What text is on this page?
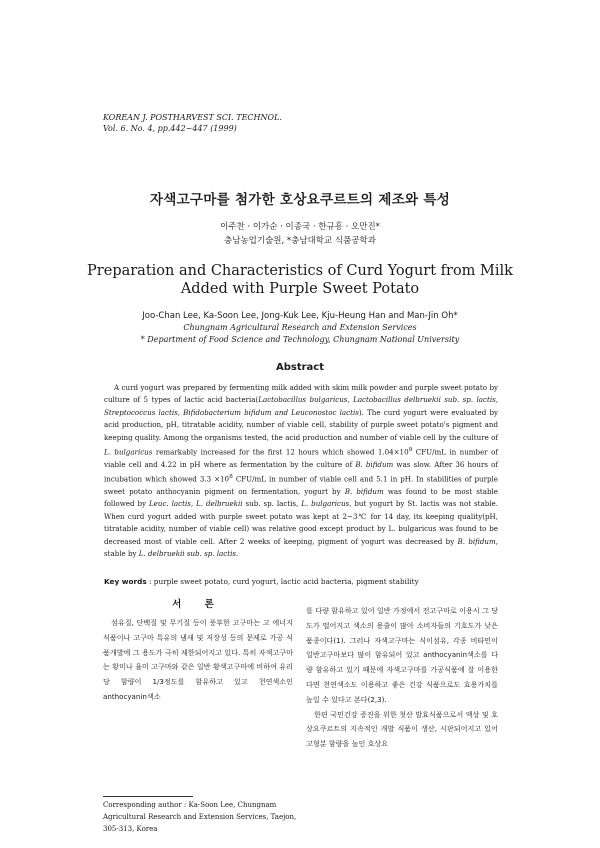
KOREAN J. POSTHARVEST SCI. TECHNOL.
Vol. 6. No. 4, pp.442~447 (1999)
자색고구마를 첨가한 호상요쿠르트의 제조와 특성
이주찬 · 이가순 · 이종국 · 한규흥 · 오만진*
충남농업기술원, *충남대학교 식품공학과
Preparation and Characteristics of Curd Yogurt from Milk Added with Purple Sweet Potato
Joo-Chan Lee, Ka-Soon Lee, Jong-Kuk Lee, Kju-Heung Han and Man-Jin Oh*
Chungnam Agricultural Research and Extension Services
* Department of Food Science and Technology, Chungnam National University
Abstract

A curd yogurt was prepared by fermenting milk added with skim milk powder and purple sweet potato by culture of 5 types of lactic acid bacteria(Lactobacillus bulgaricus, Lactobacillus delbruekii sub. sp. lactis, Streptococcus lactis, Bifidobacterium bifidum and Leuconostoc lactis). The curd yogurt were evaluated by acid production, pH, titratable acidity, number of viable cell, stability of purple sweet potato's pigment and keeping quality. Among the organisms tested, the acid production and number of viable cell by the culture of L. bulgaricus remarkably increased for the first 12 hours which showed $1.04\times 10^9$ CFU/mL in number of viable cell and 4.22 in pH where as fermentation by the culture of B. bifidum was slow. After 36 hours of incubation which showed $3.3 \times 10^8$ CFU/mL in number of viable cell and 5.1 in pH. In stabilities of purple sweet potato anthocyanin pigment on fermentation, yogurt by B. bifidum was found to be most stable followed by Leuc. lactis, L. delbruekii sub. sp. lactis, L. bulgaricus, but yogurt by St. lactis was not stable. When curd yogurt added with purple sweet potato was kept at 2~3℃ for 14 day, its keeping quality(pH, titratable acidity, number of viable cell) was relative good except product by L. bulgaricus was found to be decreased most of viable cell. After 2 weeks of keeping, pigment of yogurt was decreased by B. bifidum, stable by L. delbruekii sub. sp. lactis.

Key words : purple sweet potato, curd yogurt, lactic acid bacteria, pigment stability
서 론

섬유질, 단백질 및 무기질 등이 풍부한 고구마는 고 에너지 식품이나 고구마 특유의 냄새 및 저장성 등의 문제로 가공 식품개발에 그 용도가 극히 제한되어지고 있다. 특히 자색고구마는 황미나 율미 고구마와 같은 일반 황색고구마에 비하여 유리당 함량이 1/3정도를 함유하고 있고 천연색소인 anthocyanin색소

Corresponding author : Ka-Soon Lee, Chungnam Agricultural Research and Extension Services, Taejon, 305-313, Korea

를 다량 함유하고 있어 일반 가정에서 전고구마로 이용시 그 당도가 떨어지고 색소의 용출이 많아 소비자들의 기호도가 낮은 품종이다(1). 그러나 자색고구마는 식이섬유, 각종 비타민이 일반고구마보다 많이 함유되어 있고 anthocyanin색소를 다량 함유하고 있기 때문에 자색고구마를 가공식품에 잘 이용한다면 천연색소도 이용하고 좋은 건강 식품으로도 효용가치를 높일 수 있다고 본다(2,3).

한편 국민건강 증진을 위한 첫산 발효식품으로서 액상 및 호상요쿠르트의 지속적인 개발 식품이 생산, 시판되어지고 있어 고형분 함량을 높인 호상요
